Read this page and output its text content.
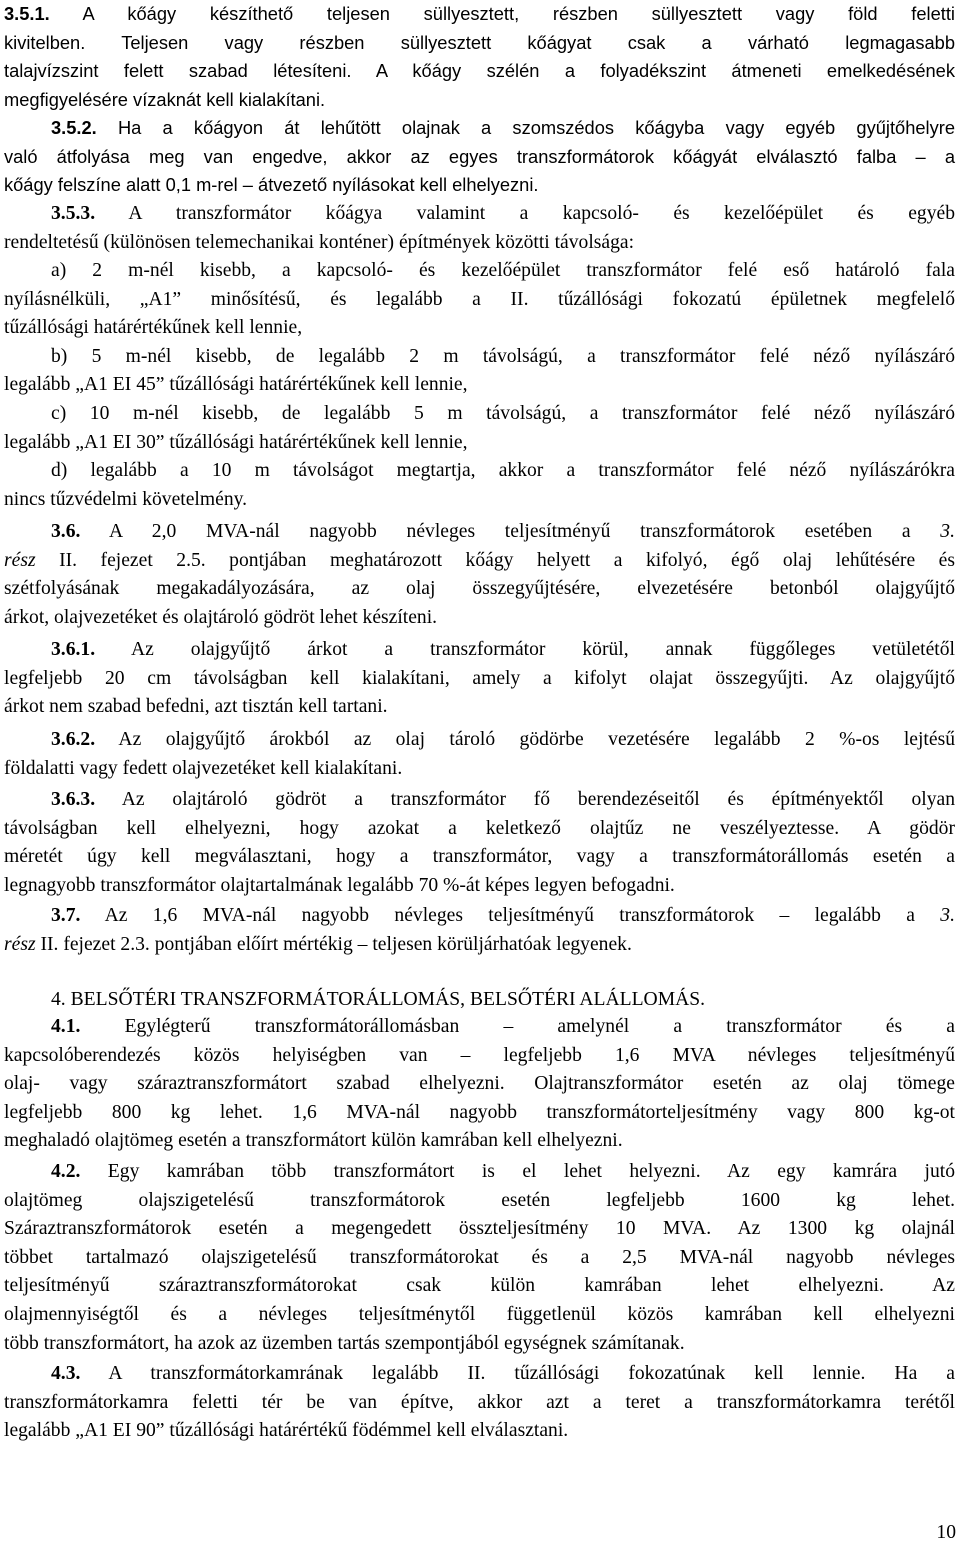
3.5.1. A kőágy készíthető teljesen süllyesztett, részben süllyesztett vagy föld feletti
kivitelben. Teljesen vagy részben süllyesztett kőágyat csak a várható legmagasabb
talajvízszint felett szabad létesíteni. A kőágy szélén a folyadékszint átmeneti emelkedésének
megfigyelésére vízaknát kell kialakítani.
3.5.2. Ha a kőágyon át lehűtött olajnak a szomszédos kőágyba vagy egyéb gyűjtőhelyre
való átfolyása meg van engedve, akkor az egyes transzformátorok kőágyát elválasztó falba – a
kőágy felszíne alatt 0,1 m-rel – átvezető nyílásokat kell elhelyezni.
3.5.3. A transzformátor kőágya valamint a kapcsoló- és kezelőépület és egyéb
rendeltetésű (különösen telemechanikai konténer) építmények közötti távolsága:
a) 2 m-nél kisebb, a kapcsoló- és kezelőépület transzformátor felé eső határoló fala
nyílásnélküli, „A1” minősítésű, és legalább a II. tűzállósági fokozatú épületnek megfelelő
tűzállósági határértékűnek kell lennie,
b) 5 m-nél kisebb, de legalább 2 m távolságú, a transzformátor felé néző nyílászáró
legalább „A1 EI 45” tűzállósági határértékűnek kell lennie,
c) 10 m-nél kisebb, de legalább 5 m távolságú, a transzformátor felé néző nyílászáró
legalább „A1 EI 30” tűzállósági határértékűnek kell lennie,
d) legalább a 10 m távolságot megtartja, akkor a transzformátor felé néző nyílászárókra
nincs tűzvédelmi követelmény.
3.6. A 2,0 MVA-nál nagyobb névleges teljesítményű transzformátorok esetében a 3.
rész II. fejezet 2.5. pontjában meghatározott kőágy helyett a kifolyó, égő olaj lehűtésére és
szétfolyásának megakadályozására, az olaj összegyűjtésére, elvezetésére betonból olajgyűjtő
árkot, olajvezetéket és olajtároló gödröt lehet készíteni.
3.6.1. Az olajgyűjtő árkot a transzformátor körül, annak függőleges vetületétől
legfeljebb 20 cm távolságban kell kialakítani, amely a kifolyt olajat összegyűjti. Az olajgyűjtő
árkot nem szabad befedni, azt tisztán kell tartani.
3.6.2. Az olajgyűjtő árokból az olaj tároló gödörbe vezetésére legalább 2 %-os lejtésű
földalatti vagy fedett olajvezetéket kell kialakítani.
3.6.3. Az olajtároló gödröt a transzformátor fő berendezéseitől és építményektől olyan
távolságban kell elhelyezni, hogy azokat a keletkező olajtűz ne veszélyeztesse. A gödör
méretét úgy kell megválasztani, hogy a transzformátor, vagy a transzformátorállomás esetén a
legnagyobb transzformátor olajtartalmának legalább 70 %-át képes legyen befogadni.
3.7. Az 1,6 MVA-nál nagyobb névleges teljesítményű transzformátorok – legalább a 3.
rész II. fejezet 2.3. pontjában előírt mértékig – teljesen körüljárhatóak legyenek.
4. BELSŐTÉRI TRANSZFORMÁTORÁLLOMÁS, BELSŐTÉRI ALÁLLOMÁS.
4.1. Egylégterű transzformátorállomásban – amelynél a transzformátor és a
kapcsolóberendezés közös helyiségben van – legfeljebb 1,6 MVA névleges teljesítményű
olaj- vagy száraztranszformátort szabad elhelyezni. Olajtranszformátor esetén az olaj tömege
legfeljebb 800 kg lehet. 1,6 MVA-nál nagyobb transzformátorteljesítmény vagy 800 kg-ot
meghaladó olajtömeg esetén a transzformátort külön kamrában kell elhelyezni.
4.2. Egy kamrában több transzformátort is el lehet helyezni. Az egy kamrára jutó
olajtömeg olajszigetelésű transzformátorok esetén legfeljebb 1600 kg lehet.
Száraztranszformátorok esetén a megengedett összteljesítmény 10 MVA. Az 1300 kg olajnál
többet tartalmazó olajszigetelésű transzformátorokat és a 2,5 MVA-nál nagyobb névleges
teljesítményű száraztranszformátorokat csak külön kamrában lehet elhelyezni. Az
olajmennyiségtől és a névleges teljesítménytől függetlenül közös kamrában kell elhelyezni
több transzformátort, ha azok az üzemben tartás szempontjából egységnek számítanak.
4.3. A transzformátorkamrának legalább II. tűzállósági fokozatúnak kell lennie. Ha a
transzformátorkamra feletti tér be van építve, akkor azt a teret a transzformátorkamra terétől
legalább „A1 EI 90” tűzállósági határértékű födémmel kell elválasztani.
10
